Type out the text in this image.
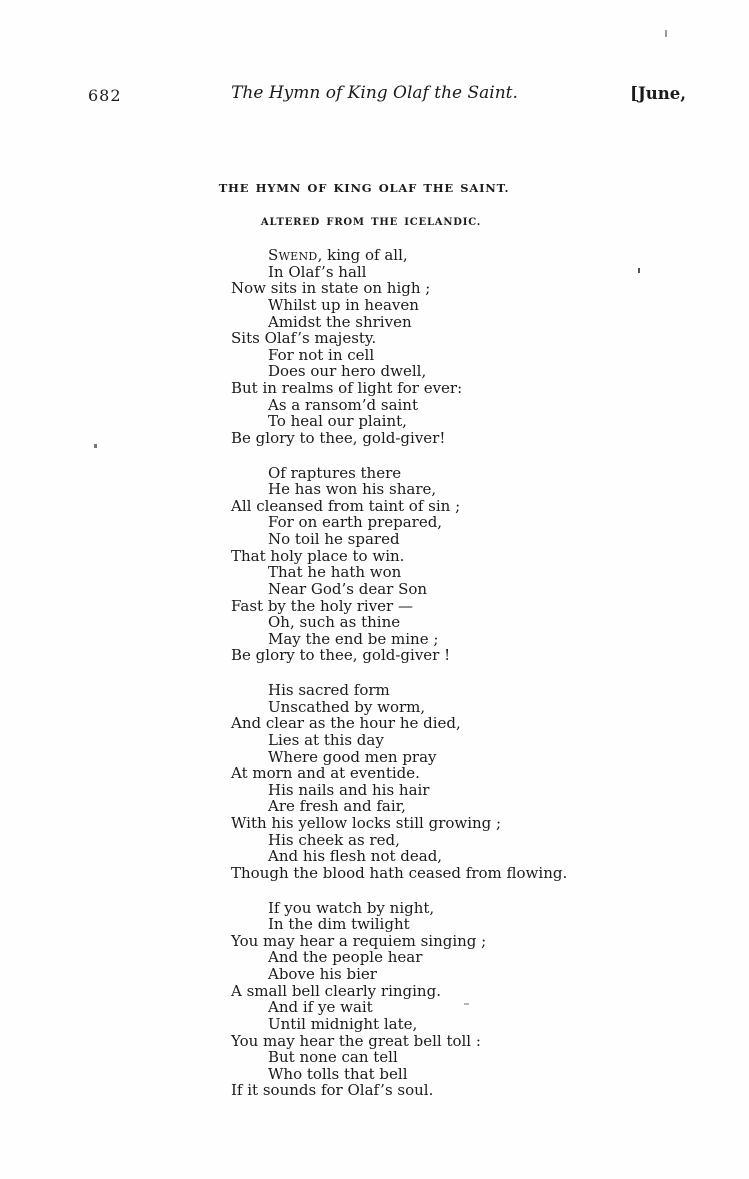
682	The Hymn of King Olaf the Saint.	[June,
THE HYMN OF KING OLAF THE SAINT.
ALTERED FROM THE ICELANDIC.
Swend, king of all,
In Olaf’s hall
Now sits in state on high ;
Whilst up in heaven
Amidst the shriven
Sits Olaf’s majesty.
For not in cell
Does our hero dwell,
But in realms of light for ever:
As a ransom’d saint
To heal our plaint,
Be glory to thee, gold-giver!
Of raptures there
He has won his share,
All cleansed from taint of sin ;
For on earth prepared,
No toil he spared
That holy place to win.
That he hath won
Near God’s dear Son
Fast by the holy river —
Oh, such as thine
May the end be mine ;
Be glory to thee, gold-giver !
His sacred form
Unscathed by worm,
And clear as the hour he died,
Lies at this day
Where good men pray
At morn and at eventide.
His nails and his hair
Are fresh and fair,
With his yellow locks still growing ;
His cheek as red,
And his flesh not dead,
Though the blood hath ceased from flowing.
If you watch by night,
In the dim twilight
You may hear a requiem singing ;
And the people hear
Above his bier
A small bell clearly ringing.
And if ye wait
Until midnight late,
You may hear the great bell toll :
But none can tell
Who tolls that bell
If it sounds for Olaf’s soul.
